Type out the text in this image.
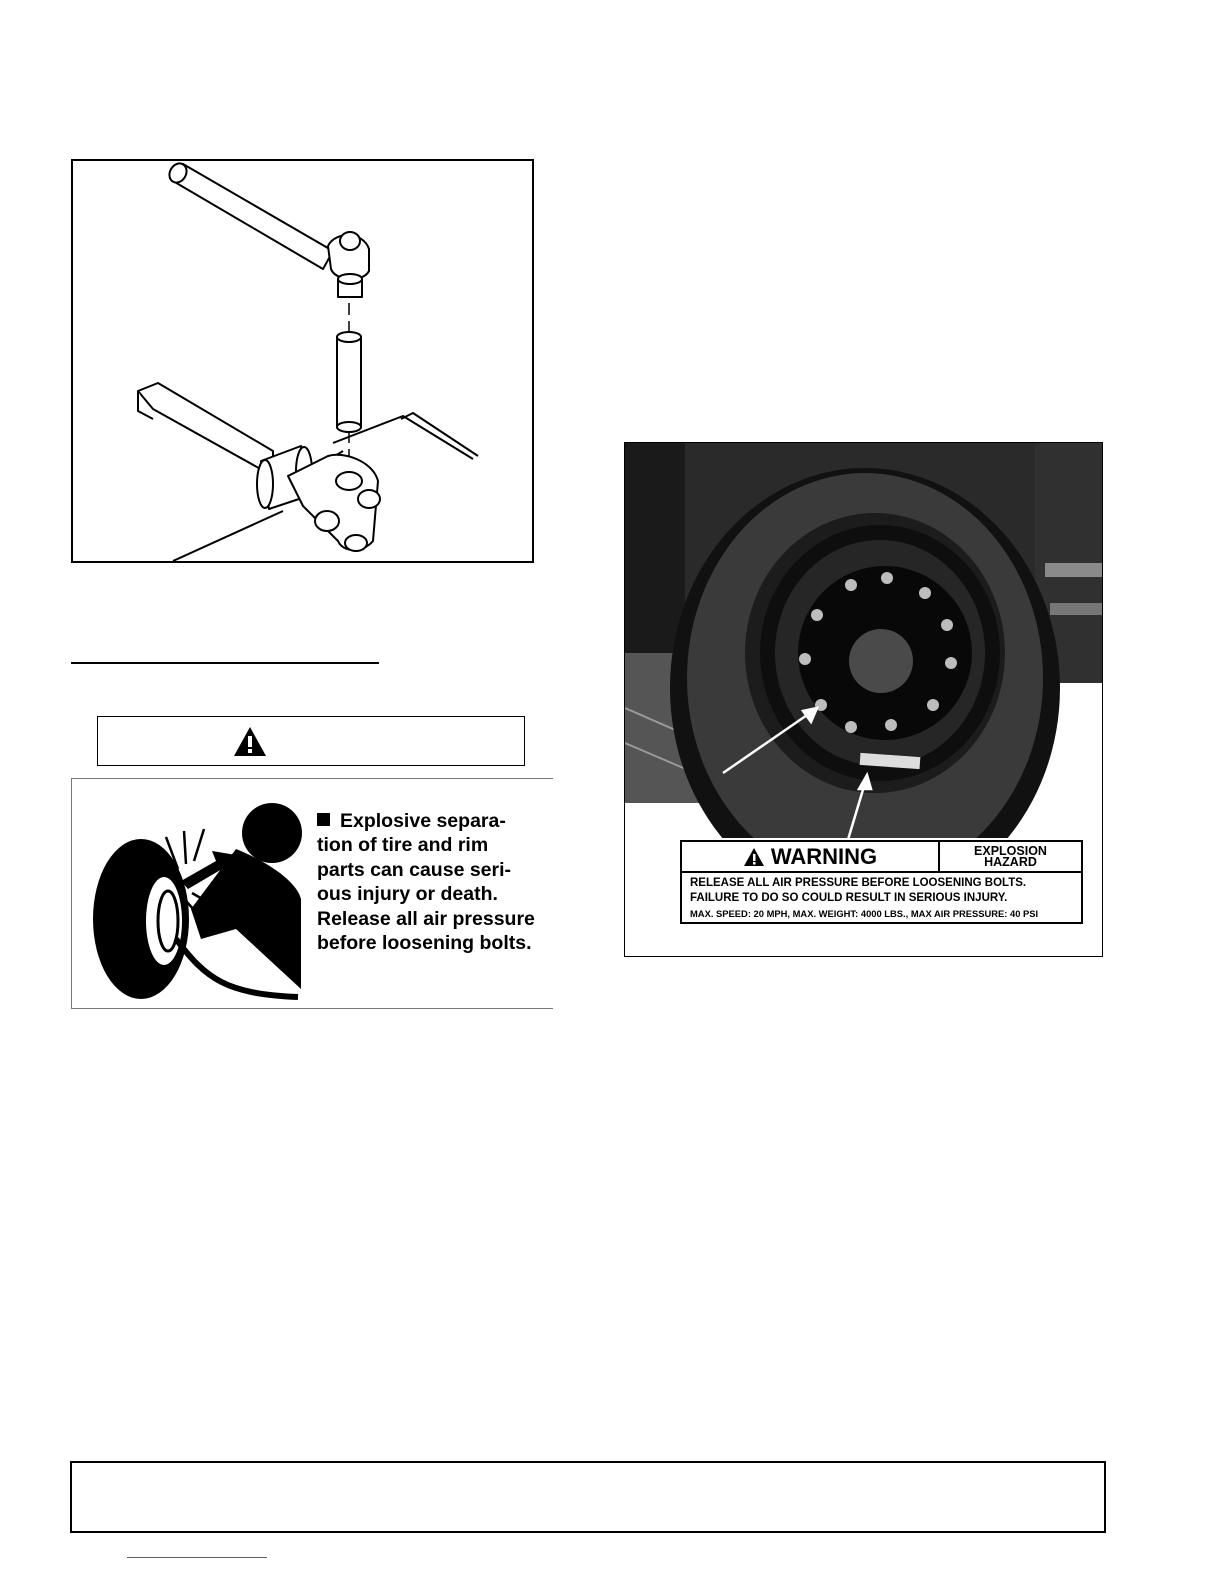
Explosive separa-
tion of tire and rim
parts can cause seri-
ous injury or death.
Release all air pressure
before loosening bolts.
WARNING	EXPLOSION
HAZARD
RELEASE ALL AIR PRESSURE BEFORE LOOSENING BOLTS.
FAILURE TO DO SO COULD RESULT IN SERIOUS INJURY.
MAX. SPEED: 20 MPH, MAX. WEIGHT: 4000 LBS., MAX AIR PRESSURE: 40 PSI
